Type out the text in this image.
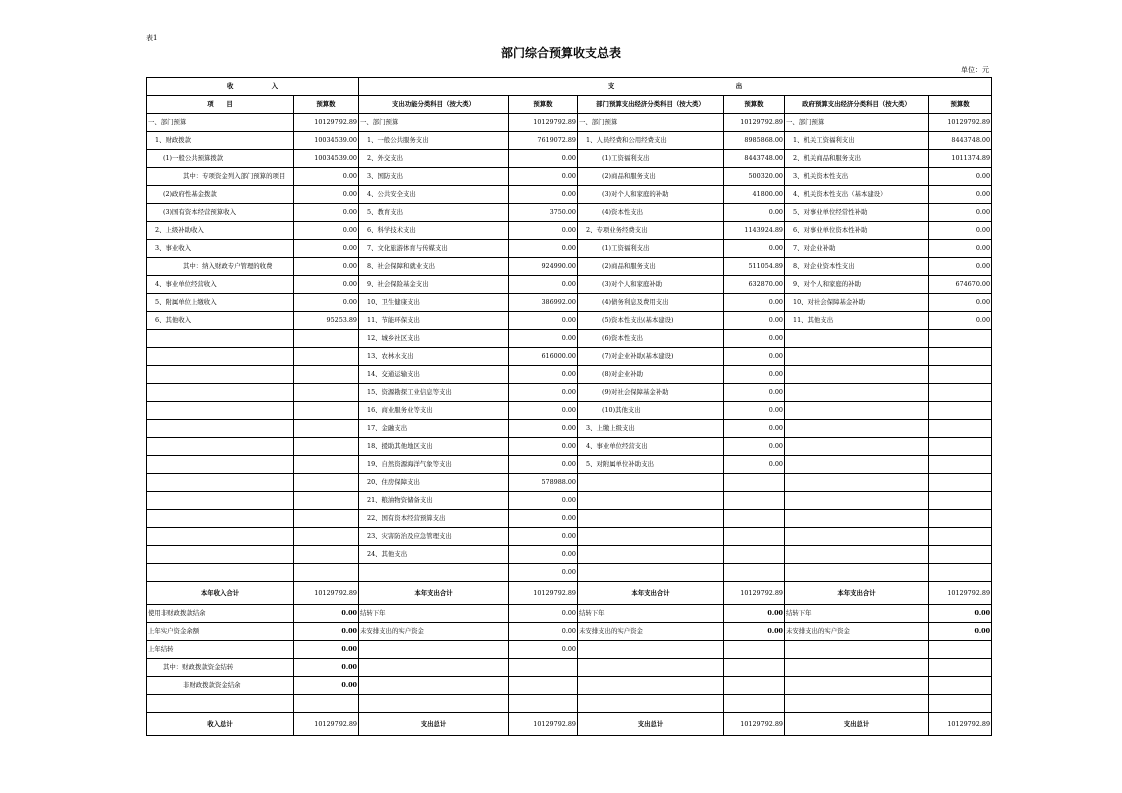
表1
部门综合预算收支总表
单位：元
收　　　　　　入		支　　　　　　　　　　　　　　　　　　　出					
项　　目	预算数	支出功能分类科目（按大类）	预算数	部门预算支出经济分类科目（按大类）	预算数	政府预算支出经济分类科目（按大类）	预算数
一、部门预算	10129792.89	一、部门预算	10129792.89	一、部门预算	10129792.89	一、部门预算	10129792.89
1、财政拨款	10034539.00	1、一般公共服务支出	7619072.89	1、人员经费和公用经费支出	8985868.00	1、机关工资福利支出	8443748.00
(1)一般公共预算拨款	10034539.00	2、外交支出	0.00	(1)工资福利支出	8443748.00	2、机关商品和服务支出	1011374.89
其中：专项资金列入部门预算的项目	0.00	3、国防支出	0.00	(2)商品和服务支出	500320.00	3、机关资本性支出	0.00
(2)政府性基金拨款	0.00	4、公共安全支出	0.00	(3)对个人和家庭的补助	41800.00	4、机关资本性支出（基本建设）	0.00
(3)国有资本经营预算收入	0.00	5、教育支出	3750.00	(4)资本性支出	0.00	5、对事业单位经常性补助	0.00
2、上级补助收入	0.00	6、科学技术支出	0.00	2、专项业务经费支出	1143924.89	6、对事业单位资本性补助	0.00
3、事业收入	0.00	7、文化旅游体育与传媒支出	0.00	(1)工资福利支出	0.00	7、对企业补助	0.00
其中：纳入财政专户管理的收费	0.00	8、社会保障和就业支出	924990.00	(2)商品和服务支出	511054.89	8、对企业资本性支出	0.00
4、事业单位经营收入	0.00	9、社会保险基金支出	0.00	(3)对个人和家庭补助	632870.00	9、对个人和家庭的补助	674670.00
5、附属单位上缴收入	0.00	10、卫生健康支出	386992.00	(4)债务利息及费用支出	0.00	10、对社会保障基金补助	0.00
6、其他收入	95253.89	11、节能环保支出	0.00	(5)资本性支出(基本建设)	0.00	11、其他支出	0.00
		12、城乡社区支出	0.00	(6)资本性支出	0.00		
		13、农林水支出	616000.00	(7)对企业补助(基本建设)	0.00		
		14、交通运输支出	0.00	(8)对企业补助	0.00		
		15、资源勘探工业信息等支出	0.00	(9)对社会保障基金补助	0.00		
		16、商业服务业等支出	0.00	(10)其他支出	0.00		
		17、金融支出	0.00	3、上缴上级支出	0.00		
		18、援助其他地区支出	0.00	4、事业单位经营支出	0.00		
		19、自然资源海洋气象等支出	0.00	5、对附属单位补助支出	0.00		
		20、住房保障支出	578988.00				
		21、粮油物资储备支出	0.00				
		22、国有资本经营预算支出	0.00				
		23、灾害防治及应急管理支出	0.00				
		24、其他支出	0.00				
			0.00				
本年收入合计	10129792.89	本年支出合计	10129792.89	本年支出合计	10129792.89	本年支出合计	10129792.89
使用非财政拨款结余	0.00	结转下年	0.00	结转下年	0.00	结转下年	0.00
上年实户资金余额	0.00	未安排支出的实户资金	0.00	未安排支出的实户资金	0.00	未安排支出的实户资金	0.00
上年结转	0.00		0.00				
其中：财政拨款资金结转	0.00						
非财政拨款资金结余	0.00						

收入总计	10129792.89	支出总计	10129792.89	支出总计	10129792.89	支出总计	10129792.89
